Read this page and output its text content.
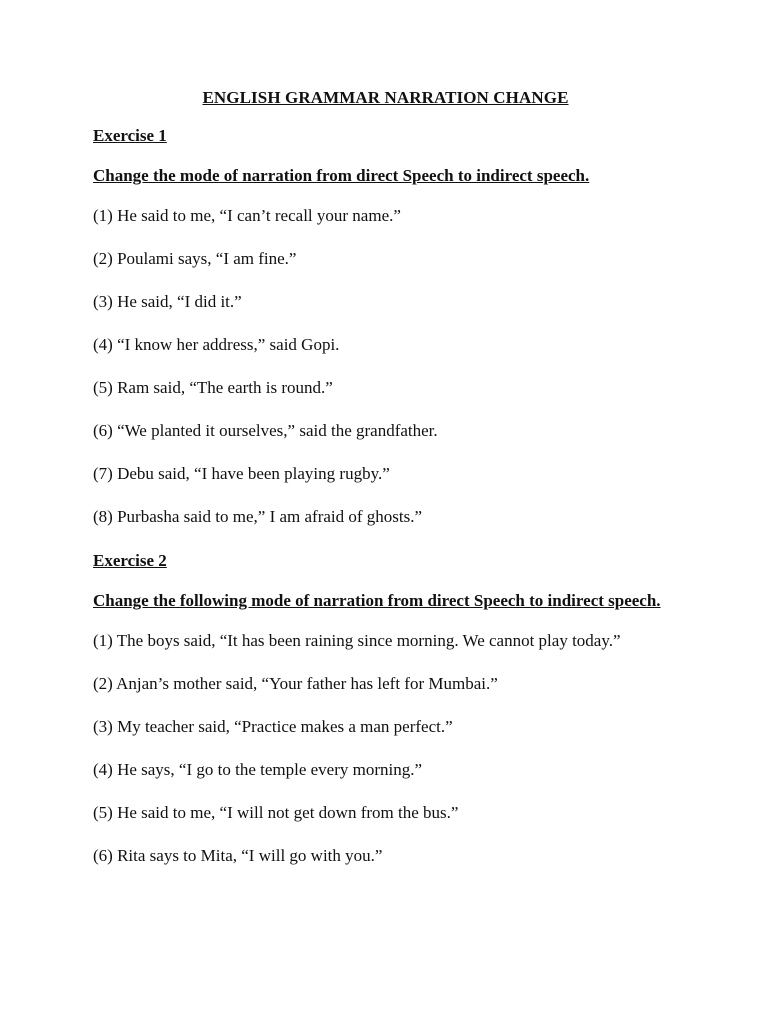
ENGLISH GRAMMAR NARRATION CHANGE
Exercise 1
Change the mode of narration from direct Speech to indirect speech.
(1) He said to me, “I can’t recall your name.”
(2) Poulami says, “I am fine.”
(3) He said, “I did it.”
(4) “I know her address,” said Gopi.
(5) Ram said, “The earth is round.”
(6) “We planted it ourselves,” said the grandfather.
(7) Debu said, “I have been playing rugby.”
(8) Purbasha said to me,” I am afraid of ghosts.”
Exercise 2
Change the following mode of narration from direct Speech to indirect speech.
(1) The boys said, “It has been raining since morning. We cannot play today.”
(2) Anjan’s mother said, “Your father has left for Mumbai.”
(3) My teacher said, “Practice makes a man perfect.”
(4) He says, “I go to the temple every morning.”
(5) He said to me, “I will not get down from the bus.”
(6) Rita says to Mita, “I will go with you.”
